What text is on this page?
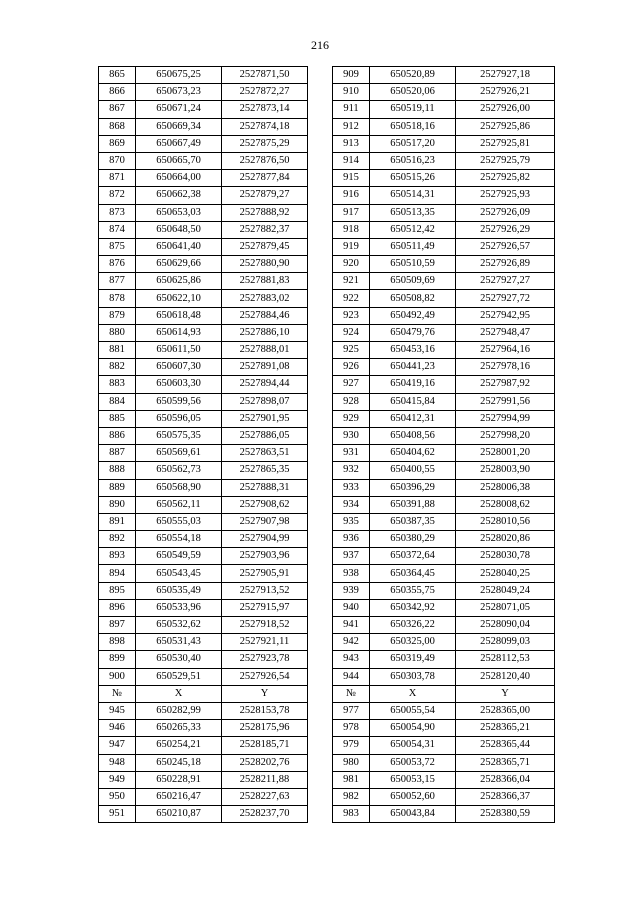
216
865	650675,25	2527871,50
866	650673,23	2527872,27
867	650671,24	2527873,14
868	650669,34	2527874,18
869	650667,49	2527875,29
870	650665,70	2527876,50
871	650664,00	2527877,84
872	650662,38	2527879,27
873	650653,03	2527888,92
874	650648,50	2527882,37
875	650641,40	2527879,45
876	650629,66	2527880,90
877	650625,86	2527881,83
878	650622,10	2527883,02
879	650618,48	2527884,46
880	650614,93	2527886,10
881	650611,50	2527888,01
882	650607,30	2527891,08
883	650603,30	2527894,44
884	650599,56	2527898,07
885	650596,05	2527901,95
886	650575,35	2527886,05
887	650569,61	2527863,51
888	650562,73	2527865,35
889	650568,90	2527888,31
890	650562,11	2527908,62
891	650555,03	2527907,98
892	650554,18	2527904,99
893	650549,59	2527903,96
894	650543,45	2527905,91
895	650535,49	2527913,52
896	650533,96	2527915,97
897	650532,62	2527918,52
898	650531,43	2527921,11
899	650530,40	2527923,78
900	650529,51	2527926,54
№	X	Y
945	650282,99	2528153,78
946	650265,33	2528175,96
947	650254,21	2528185,71
948	650245,18	2528202,76
949	650228,91	2528211,88
950	650216,47	2528227,63
951	650210,87	2528237,70
909	650520,89	2527927,18
910	650520,06	2527926,21
911	650519,11	2527926,00
912	650518,16	2527925,86
913	650517,20	2527925,81
914	650516,23	2527925,79
915	650515,26	2527925,82
916	650514,31	2527925,93
917	650513,35	2527926,09
918	650512,42	2527926,29
919	650511,49	2527926,57
920	650510,59	2527926,89
921	650509,69	2527927,27
922	650508,82	2527927,72
923	650492,49	2527942,95
924	650479,76	2527948,47
925	650453,16	2527964,16
926	650441,23	2527978,16
927	650419,16	2527987,92
928	650415,84	2527991,56
929	650412,31	2527994,99
930	650408,56	2527998,20
931	650404,62	2528001,20
932	650400,55	2528003,90
933	650396,29	2528006,38
934	650391,88	2528008,62
935	650387,35	2528010,56
936	650380,29	2528020,86
937	650372,64	2528030,78
938	650364,45	2528040,25
939	650355,75	2528049,24
940	650342,92	2528071,05
941	650326,22	2528090,04
942	650325,00	2528099,03
943	650319,49	2528112,53
944	650303,78	2528120,40
№	X	Y
977	650055,54	2528365,00
978	650054,90	2528365,21
979	650054,31	2528365,44
980	650053,72	2528365,71
981	650053,15	2528366,04
982	650052,60	2528366,37
983	650043,84	2528380,59
